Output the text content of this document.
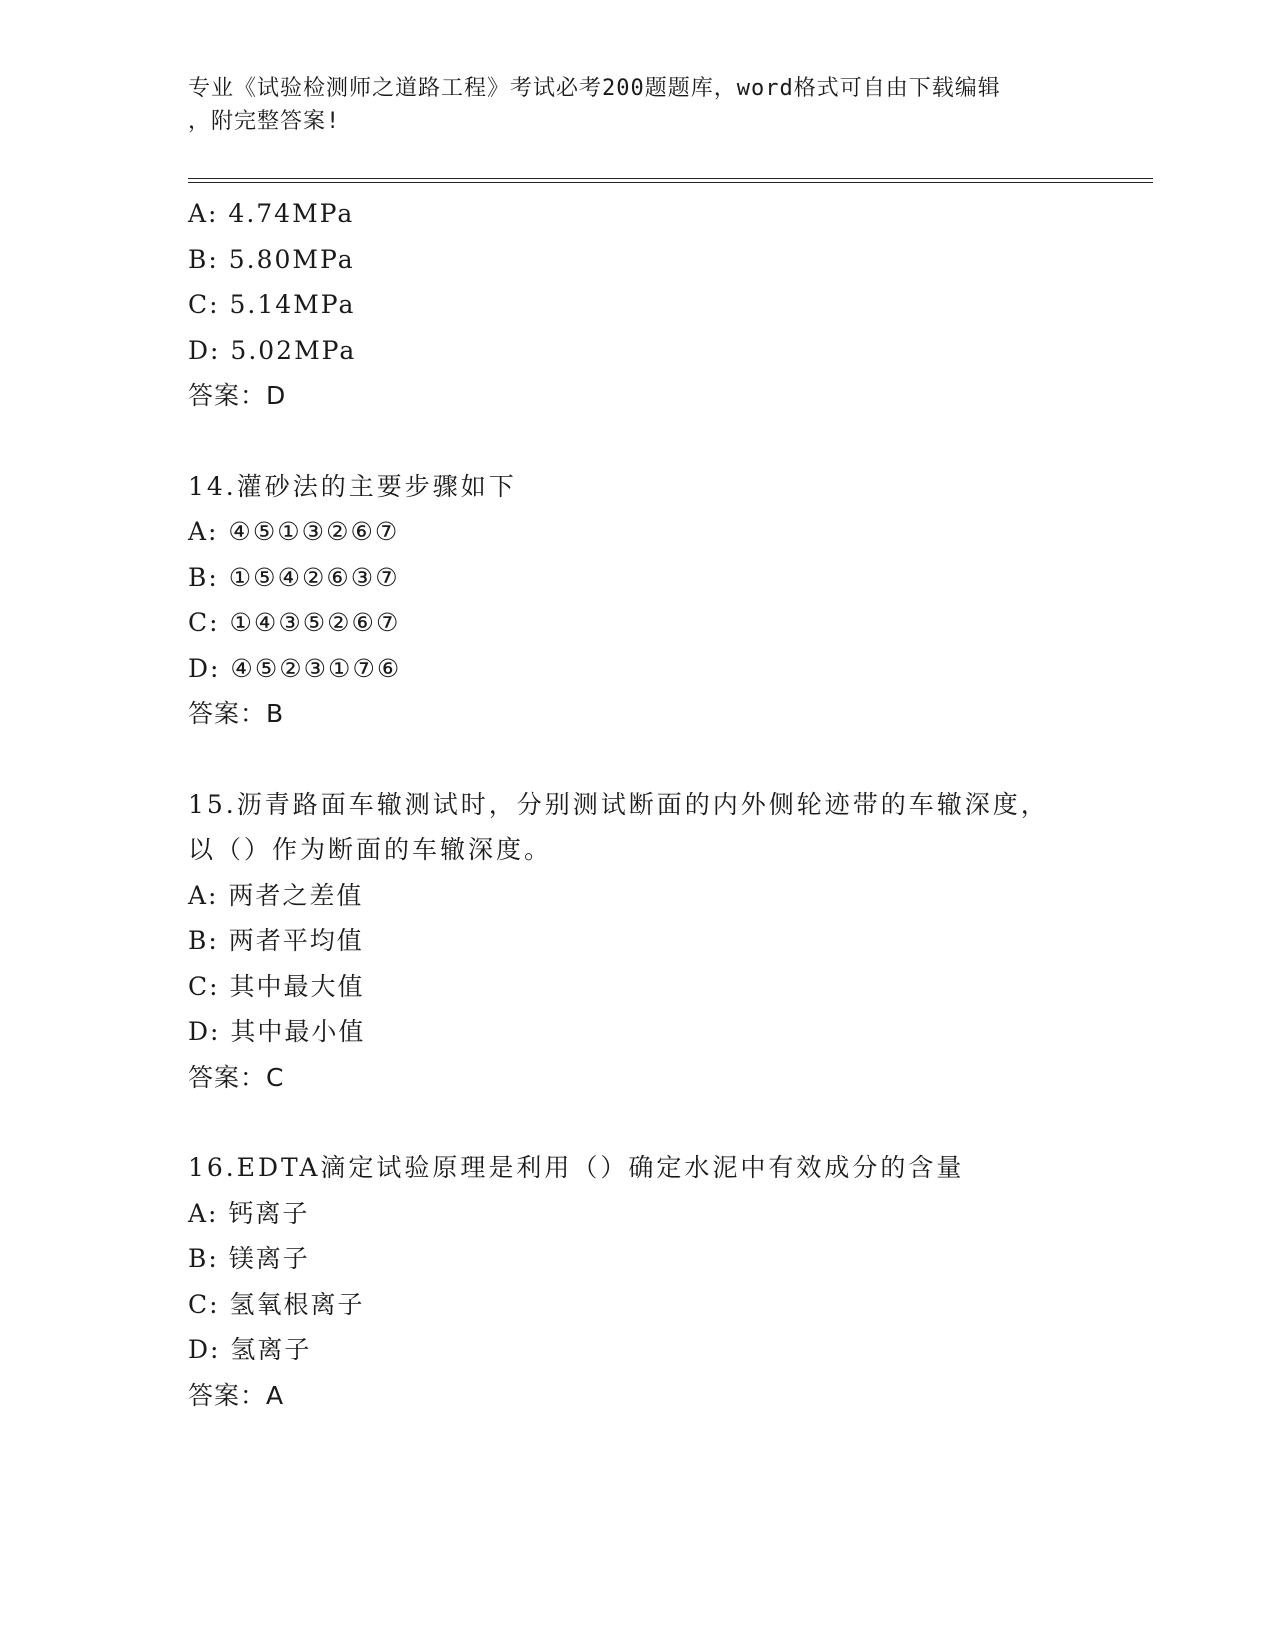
专业《试验检测师之道路工程》考试必考200题题库，word格式可自由下载编辑
，附完整答案!
A: 4.74MPa
B: 5.80MPa
C: 5.14MPa
D: 5.02MPa
答案：D
14.灌砂法的主要步骤如下
A: ④⑤①③②⑥⑦
B: ①⑤④②⑥③⑦
C: ①④③⑤②⑥⑦
D: ④⑤②③①⑦⑥
答案：B
15.沥青路面车辙测试时，分别测试断面的内外侧轮迹带的车辙深度，
以（）作为断面的车辙深度。
A: 两者之差值
B: 两者平均值
C: 其中最大值
D: 其中最小值
答案：C
16.EDTA滴定试验原理是利用（）确定水泥中有效成分的含量
A: 钙离子
B: 镁离子
C: 氢氧根离子
D: 氢离子
答案：A
